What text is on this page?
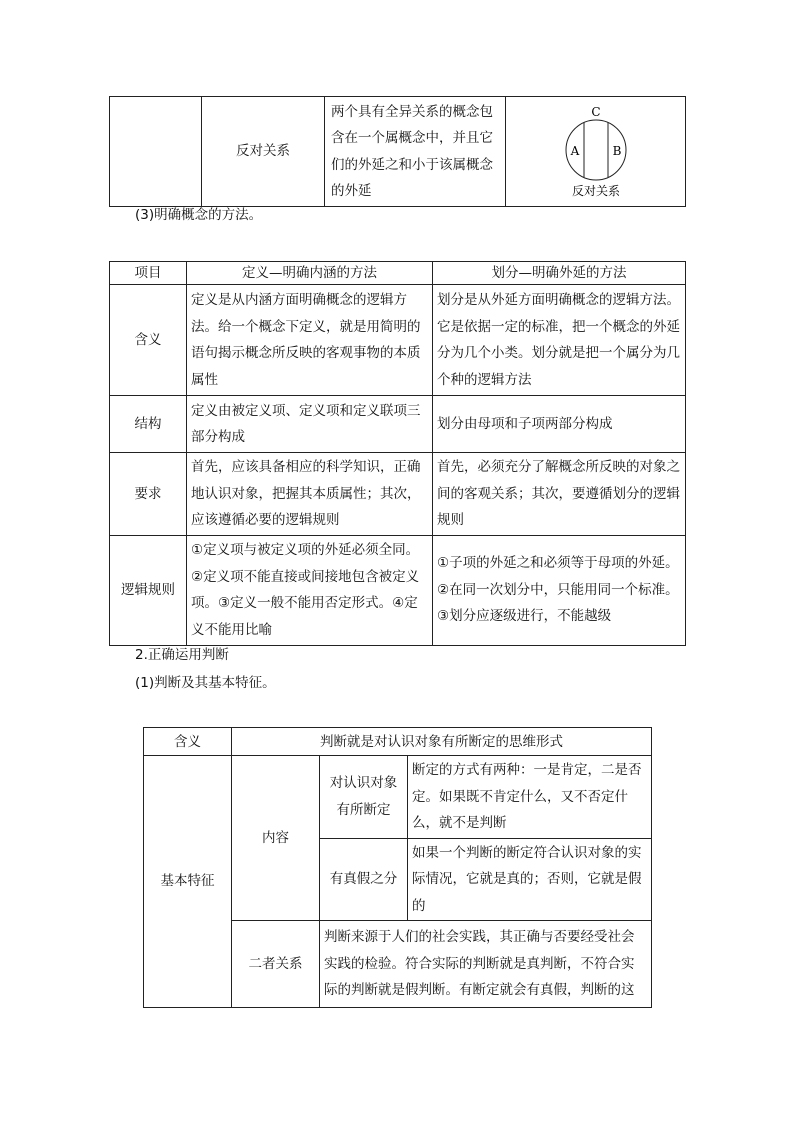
	反对关系	两个具有全异关系的概念包含在一个属概念中，并且它们的外延之和小于该属概念的外延	
C
A	B
反对关系

(3)明确概念的方法。

项目	定义—明确内涵的方法	划分—明确外延的方法
含义	定义是从内涵方面明确概念的逻辑方法。给一个概念下定义，就是用简明的语句揭示概念所反映的客观事物的本质属性	划分是从外延方面明确概念的逻辑方法。它是依据一定的标准，把一个概念的外延分为几个小类。划分就是把一个属分为几个种的逻辑方法
结构	定义由被定义项、定义项和定义联项三部分构成	划分由母项和子项两部分构成
要求	首先，应该具备相应的科学知识，正确地认识对象，把握其本质属性；其次，应该遵循必要的逻辑规则	首先，必须充分了解概念所反映的对象之间的客观关系；其次，要遵循划分的逻辑规则
逻辑规则	①定义项与被定义项的外延必须全同。②定义项不能直接或间接地包含被定义项。③定义一般不能用否定形式。④定义不能用比喻	①子项的外延之和必须等于母项的外延。②在同一次划分中，只能用同一个标准。③划分应逐级进行，不能越级

2.正确运用判断

(1)判断及其基本特征。

含义	判断就是对认识对象有所断定的思维形式		
基本特征	内容	对认识对象有所断定	断定的方式有两种：一是肯定，二是否定。如果既不肯定什么，又不否定什么，就不是判断
		有真假之分	如果一个判断的断定符合认识对象的实际情况，它就是真的；否则，它就是假的
	二者关系	判断来源于人们的社会实践，其正确与否要经受社会实践的检验。符合实际的判断就是真判断，不符合实际的判断就是假判断。有断定就会有真假，判断的这	
